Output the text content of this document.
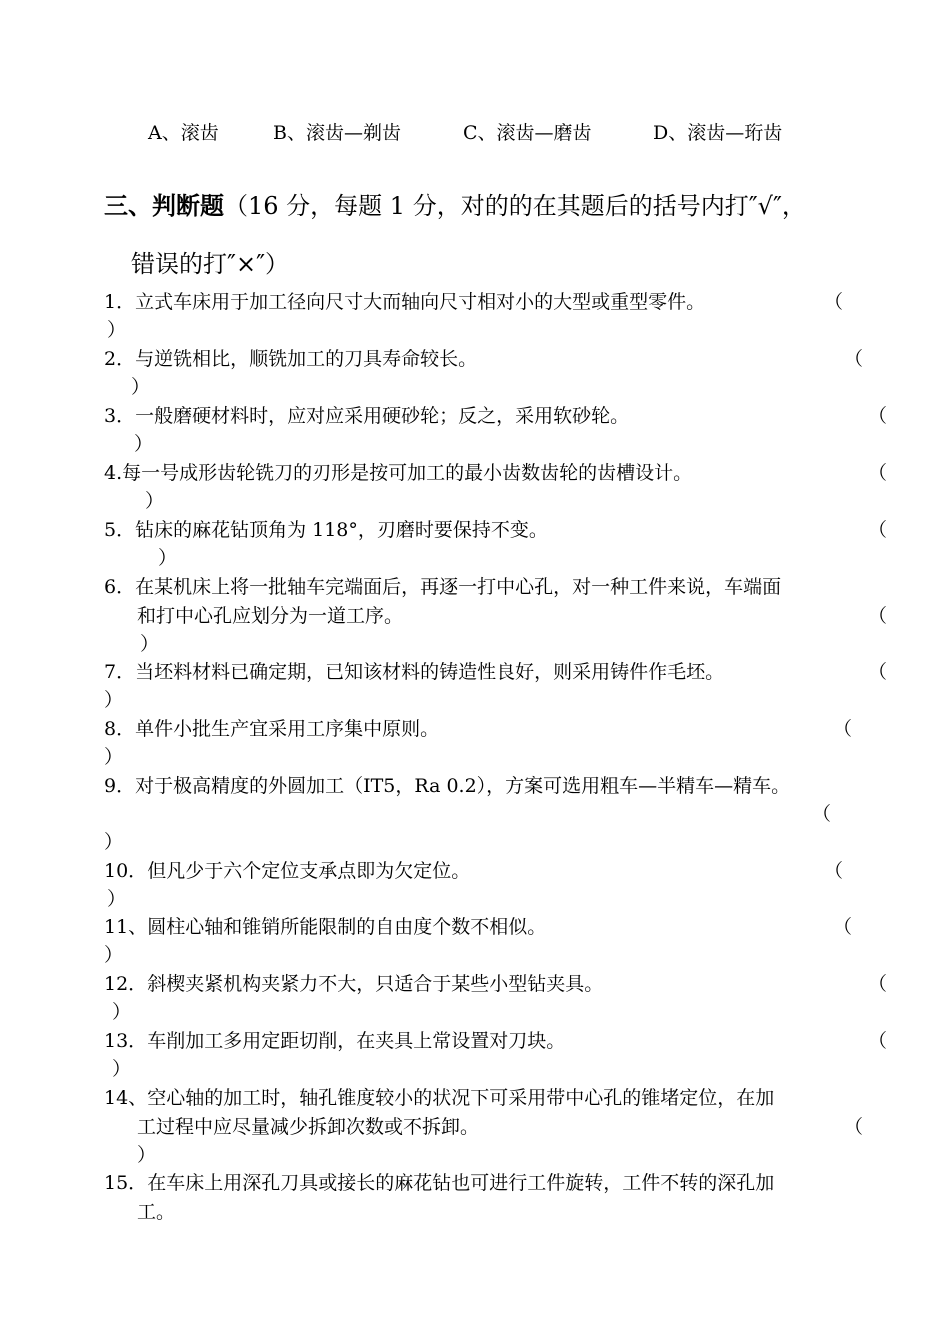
A、滚齿	B、滚齿—剃齿	C、滚齿—磨齿	D、滚齿—珩齿
三、判断题（16 分，每题 1 分，对的的在其题后的括号内打″√″，
错误的打″×″）
1．立式车床用于加工径向尺寸大而轴向尺寸相对小的大型或重型零件。	（
）
2．与逆铣相比，顺铣加工的刀具寿命较长。	（
）
3．一般磨硬材料时，应对应采用硬砂轮；反之，采用软砂轮。	（
）
4.每一号成形齿轮铣刀的刃形是按可加工的最小齿数齿轮的齿槽设计。	（
）
5．钻床的麻花钻顶角为 118°，刃磨时要保持不变。	（
）
6．在某机床上将一批轴车完端面后，再逐一打中心孔，对一种工件来说，车端面
和打中心孔应划分为一道工序。	（
）
7．当坯料材料已确定期，已知该材料的铸造性良好，则采用铸件作毛坯。	（
）
8．单件小批生产宜采用工序集中原则。	（
）
9．对于极高精度的外圆加工（IT5，Ra 0.2），方案可选用粗车—半精车—精车。
（
）
10．但凡少于六个定位支承点即为欠定位。	（
）
11、圆柱心轴和锥销所能限制的自由度个数不相似。	（
）
12．斜楔夹紧机构夹紧力不大，只适合于某些小型钻夹具。	（
）
13．车削加工多用定距切削，在夹具上常设置对刀块。	（
）
14、空心轴的加工时，轴孔锥度较小的状况下可采用带中心孔的锥堵定位，在加
工过程中应尽量减少拆卸次数或不拆卸。	（
）
15．在车床上用深孔刀具或接长的麻花钻也可进行工件旋转，工件不转的深孔加
工。
